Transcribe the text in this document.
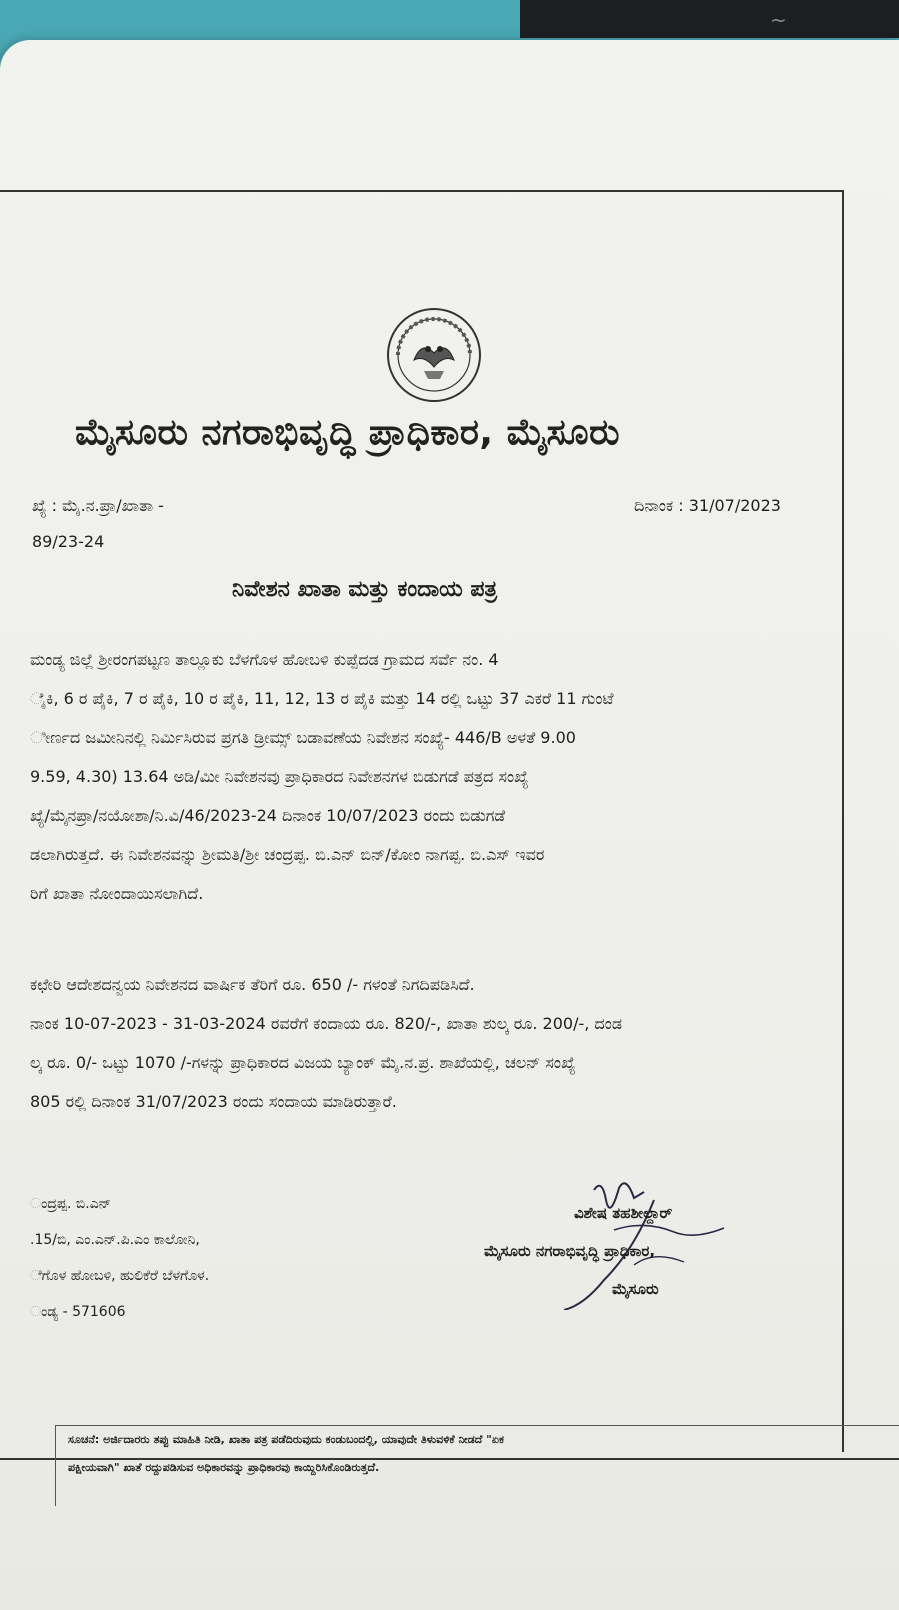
~
ಮೈಸೂರು ನಗರಾಭಿವೃದ್ಧಿ ಪ್ರಾಧಿಕಾರ, ಮೈಸೂರು
ಖ್ಯೆ : ಮೈ.ನ.ಪ್ರಾ/ಖಾತಾ -
89/23-24
ದಿನಾಂಕ : 31/07/2023
ನಿವೇಶನ ಖಾತಾ ಮತ್ತು ಕಂದಾಯ ಪತ್ರ
ಮಂಡ್ಯ ಜಿಲ್ಲೆ ಶ್ರೀರಂಗಪಟ್ಟಣ ತಾಲ್ಲೂಕು ಬೆಳಗೊಳ ಹೋಬಳಿ ಕುಪ್ಪೆದಡ ಗ್ರಾಮದ ಸರ್ವೆ ನಂ. 4
ೈಕಿ, 6 ರ ಪೈಕಿ, 7 ರ ಪೈಕಿ, 10 ರ ಪೈಕಿ, 11, 12, 13 ರ ಪೈಕಿ ಮತ್ತು 14 ರಲ್ಲಿ ಒಟ್ಟು 37 ಎಕರೆ 11 ಗುಂಟೆ
ೀರ್ಣದ ಜಮೀನಿನಲ್ಲಿ ನಿರ್ಮಿಸಿರುವ ಪ್ರಗತಿ ಡ್ರೀಮ್ಸ್ ಬಡಾವಣೆಯ ನಿವೇಶನ ಸಂಖ್ಯೆ- 446/B ಅಳತೆ 9.00
9.59, 4.30) 13.64 ಅಡಿ/ಮೀ ನಿವೇಶನವು ಪ್ರಾಧಿಕಾರದ ನಿವೇಶನಗಳ ಬಿಡುಗಡೆ ಪತ್ರದ ಸಂಖ್ಯೆ
ಖ್ಯೆ/ಮೈನಪ್ರಾ/ನಯೋಶಾ/ನಿ.ವಿ/46/2023-24 ದಿನಾಂಕ 10/07/2023 ರಂದು ಬಿಡುಗಡೆ
ಡಲಾಗಿರುತ್ತದೆ. ಈ ನಿವೇಶನವನ್ನು ಶ್ರೀಮತಿ/ಶ್ರೀ ಚಂದ್ರಪ್ಪ. ಬಿ.ಎನ್ ಬಿನ್/ಕೋಂ ನಾಗಪ್ಪ. ಬಿ.ಎಸ್ ಇವರ
ರಿಗೆ ಖಾತಾ ನೋಂದಾಯಿಸಲಾಗಿದೆ.
ಕಛೇರಿ ಆದೇಶದನ್ವಯ ನಿವೇಶನದ ವಾರ್ಷಿಕ ತೆರಿಗೆ ರೂ. 650 /- ಗಳಂತೆ ನಿಗದಿಪಡಿಸಿದೆ.
ನಾಂಕ 10-07-2023 - 31-03-2024 ರವರೆಗೆ ಕಂದಾಯ ರೂ. 820/-, ಖಾತಾ ಶುಲ್ಕ ರೂ. 200/-, ದಂಡ
ಲ್ಕ ರೂ. 0/- ಒಟ್ಟು 1070 /-ಗಳನ್ನು ಪ್ರಾಧಿಕಾರದ ವಿಜಯ ಬ್ಯಾಂಕ್ ಮೈ.ನ.ಪ್ರ. ಶಾಖೆಯಲ್ಲಿ, ಚಲನ್ ಸಂಖ್ಯೆ
805 ರಲ್ಲಿ ದಿನಾಂಕ 31/07/2023 ರಂದು ಸಂದಾಯ ಮಾಡಿರುತ್ತಾರೆ.
ಂದ್ರಪ್ಪ. ಬಿ.ಎನ್
.15/ಬಿ, ಎಂ.ಎನ್.ಪಿ.ಎಂ ಕಾಲೋನಿ,
ೆಗೊಳ ಹೋಬಳಿ, ಹುಲಿಕೆರೆ ಬೆಳಗೊಳ.
ಂಡ್ಯ - 571606
ವಿಶೇಷ ತಹಶೀಲ್ದಾರ್
ಮೈಸೂರು ನಗರಾಭಿವೃದ್ಧಿ ಪ್ರಾಧಿಕಾರ,
ಮೈಸೂರು
ಸೂಚನೆ: ಅರ್ಜಿದಾರರು ತಪ್ಪು ಮಾಹಿತಿ ನೀಡಿ, ಖಾತಾ ಪತ್ರ ಪಡೆದಿರುವುದು ಕಂಡುಬಂದಲ್ಲಿ, ಯಾವುದೇ ತಿಳುವಳಿಕೆ ನೀಡದೆ "ಏಕ
ಪಕ್ಷೀಯವಾಗಿ" ಖಾತೆ ರದ್ದುಪಡಿಸುವ ಅಧಿಕಾರವನ್ನು ಪ್ರಾಧಿಕಾರವು ಕಾಯ್ದಿರಿಸಿಕೊಂಡಿರುತ್ತದೆ.
